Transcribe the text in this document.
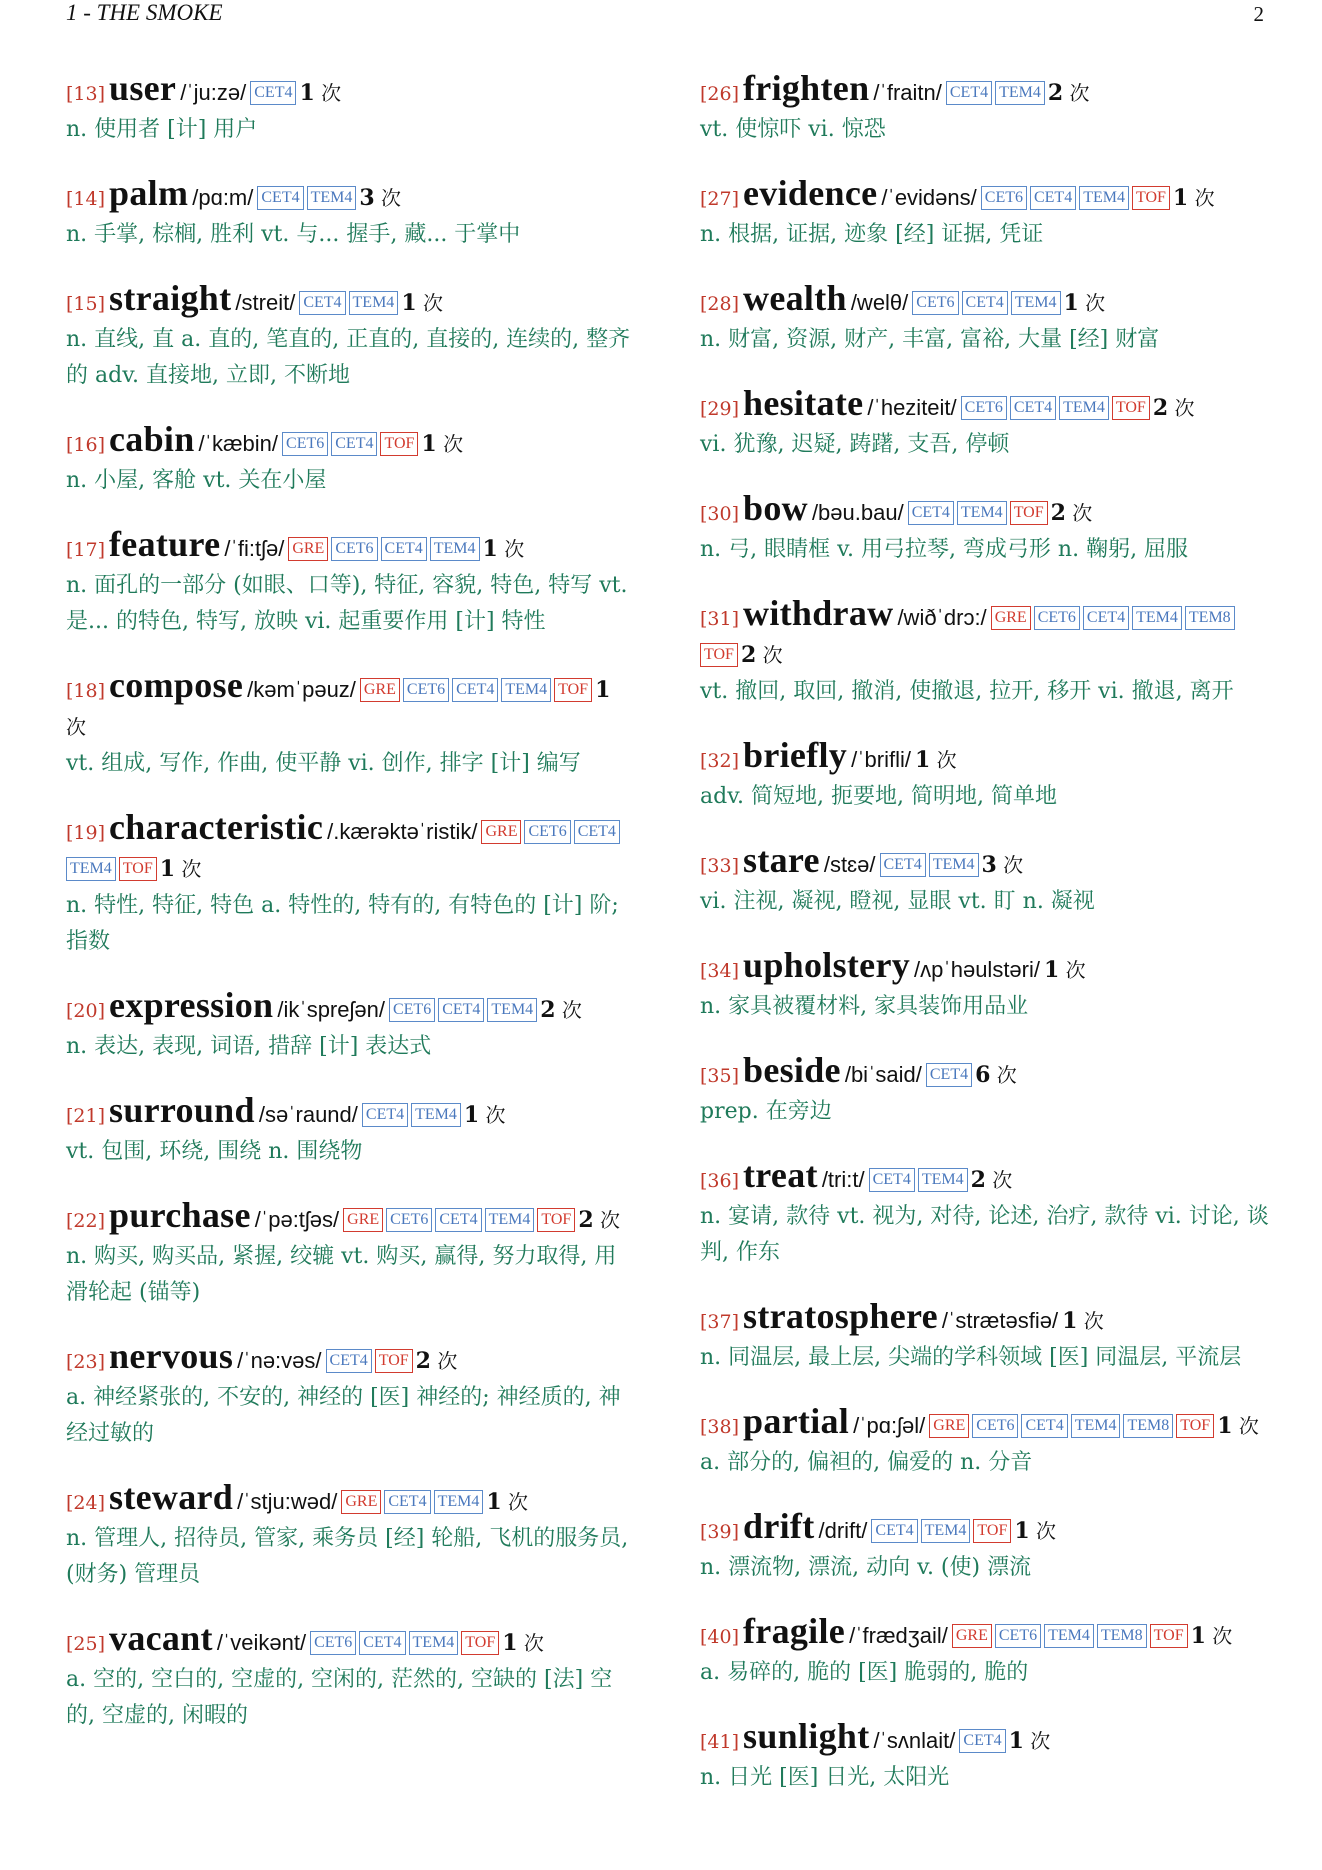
1 - THE SMOKE	2
[13] user /ˈju:zə/ CET4 1 次
n. 使用者 [计] 用户
[14] palm /pɑ:m/ CET4 TEM4 3 次
n. 手掌, 棕榈, 胜利 vt. 与... 握手, 藏... 于掌中
[15] straight /streit/ CET4 TEM4 1 次
n. 直线, 直 a. 直的, 笔直的, 正直的, 直接的, 连续的, 整齐的 adv. 直接地, 立即, 不断地
[16] cabin /ˈkæbin/ CET6 CET4 TOF 1 次
n. 小屋, 客舱 vt. 关在小屋
[17] feature /ˈfi:tʃə/ GRE CET6 CET4 TEM4 1 次
n. 面孔的一部分 (如眼、口等), 特征, 容貌, 特色, 特写 vt. 是... 的特色, 特写, 放映 vi. 起重要作用 [计] 特性
[18] compose /kəmˈpəuz/ GRE CET6 CET4 TEM4 TOF 1 次
vt. 组成, 写作, 作曲, 使平静 vi. 创作, 排字 [计] 编写
[19] characteristic /.kærəktəˈristik/ GRE CET6 CET4TEM4 TOF 1 次
n. 特性, 特征, 特色 a. 特性的, 特有的, 有特色的 [计] 阶; 指数
[20] expression /ikˈspreʃən/ CET6 CET4 TEM4 2 次
n. 表达, 表现, 词语, 措辞 [计] 表达式
[21] surround /səˈraund/ CET4 TEM4 1 次
vt. 包围, 环绕, 围绕 n. 围绕物
[22] purchase /ˈpə:tʃəs/ GRE CET6 CET4 TEM4 TOF 2 次
n. 购买, 购买品, 紧握, 绞辘 vt. 购买, 赢得, 努力取得, 用滑轮起 (锚等)
[23] nervous /ˈnə:vəs/ CET4 TOF 2 次
a. 神经紧张的, 不安的, 神经的 [医] 神经的; 神经质的, 神经过敏的
[24] steward /ˈstju:wəd/ GRE CET4 TEM4 1 次
n. 管理人, 招待员, 管家, 乘务员 [经] 轮船, 飞机的服务员, (财务) 管理员
[25] vacant /ˈveikənt/ CET6 CET4 TEM4 TOF 1 次
a. 空的, 空白的, 空虚的, 空闲的, 茫然的, 空缺的 [法] 空的, 空虚的, 闲暇的
[26] frighten /ˈfraitn/ CET4 TEM4 2 次
vt. 使惊吓 vi. 惊恐
[27] evidence /ˈevidəns/ CET6 CET4 TEM4 TOF 1 次
n. 根据, 证据, 迹象 [经] 证据, 凭证
[28] wealth /welθ/ CET6 CET4 TEM4 1 次
n. 财富, 资源, 财产, 丰富, 富裕, 大量 [经] 财富
[29] hesitate /ˈheziteit/ CET6 CET4 TEM4 TOF 2 次
vi. 犹豫, 迟疑, 踌躇, 支吾, 停顿
[30] bow /bəu.bau/ CET4 TEM4 TOF 2 次
n. 弓, 眼睛框 v. 用弓拉琴, 弯成弓形 n. 鞠躬, 屈服
[31] withdraw /wiðˈdrɔ:/ GRE CET6 CET4 TEM4 TEM8TOF 2 次
vt. 撤回, 取回, 撤消, 使撤退, 拉开, 移开 vi. 撤退, 离开
[32] briefly /ˈbrifli/ 1 次
adv. 简短地, 扼要地, 简明地, 简单地
[33] stare /stɛə/ CET4 TEM4 3 次
vi. 注视, 凝视, 瞪视, 显眼 vt. 盯 n. 凝视
[34] upholstery /ʌpˈhəulstəri/ 1 次
n. 家具被覆材料, 家具装饰用品业
[35] beside /biˈsaid/ CET4 6 次
prep. 在旁边
[36] treat /tri:t/ CET4 TEM4 2 次
n. 宴请, 款待 vt. 视为, 对待, 论述, 治疗, 款待 vi. 讨论, 谈判, 作东
[37] stratosphere /ˈstrætəsfiə/ 1 次
n. 同温层, 最上层, 尖端的学科领域 [医] 同温层, 平流层
[38] partial /ˈpɑ:ʃəl/ GRE CET6 CET4 TEM4 TEM8 TOF 1 次
a. 部分的, 偏袒的, 偏爱的 n. 分音
[39] drift /drift/ CET4 TEM4 TOF 1 次
n. 漂流物, 漂流, 动向 v. (使) 漂流
[40] fragile /ˈfrædʒail/ GRE CET6 TEM4 TEM8 TOF 1 次
a. 易碎的, 脆的 [医] 脆弱的, 脆的
[41] sunlight /ˈsʌnlait/ CET4 1 次
n. 日光 [医] 日光, 太阳光
